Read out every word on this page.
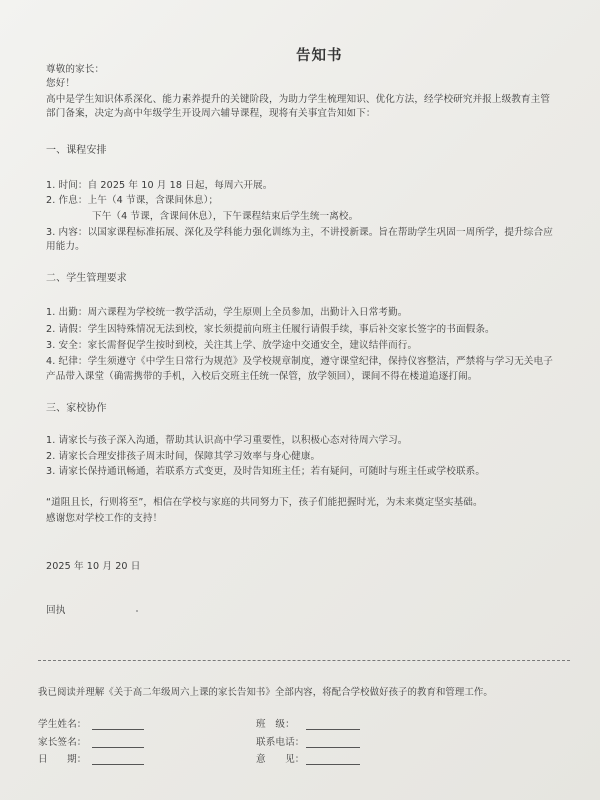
告知书
尊敬的家长：
您好！
高中是学生知识体系深化、能力素养提升的关键阶段，为助力学生梳理知识、优化方法，经学校研究并报上级教育主管
部门备案，决定为高中年级学生开设周六辅导课程，现将有关事宜告知如下：
一、课程安排
1. 时间：自 2025 年 10 月 18 日起，每周六开展。
2. 作息：上午（4 节课，含课间休息）；
下午（4 节课，含课间休息），下午课程结束后学生统一离校。
3. 内容：以国家课程标准拓展、深化及学科能力强化训练为主，不讲授新课。旨在帮助学生巩固一周所学，提升综合应
用能力。
二、学生管理要求
1. 出勤：周六课程为学校统一教学活动，学生原则上全员参加，出勤计入日常考勤。
2. 请假：学生因特殊情况无法到校，家长须提前向班主任履行请假手续，事后补交家长签字的书面假条。
3. 安全：家长需督促学生按时到校，关注其上学、放学途中交通安全，建议结伴而行。
4. 纪律：学生须遵守《中学生日常行为规范》及学校规章制度，遵守课堂纪律，保持仪容整洁，严禁将与学习无关电子
产品带入课堂（确需携带的手机，入校后交班主任统一保管，放学领回），课间不得在楼道追逐打闹。
三、家校协作
1. 请家长与孩子深入沟通，帮助其认识高中学习重要性，以积极心态对待周六学习。
2. 请家长合理安排孩子周末时间，保障其学习效率与身心健康。
3. 请家长保持通讯畅通，若联系方式变更，及时告知班主任；若有疑问，可随时与班主任或学校联系。
“道阻且长，行则将至”，相信在学校与家庭的共同努力下，孩子们能把握时光，为未来奠定坚实基础。
感谢您对学校工作的支持！
2025 年 10 月 20 日
回执
我已阅读并理解《关于高二年级周六上课的家长告知书》全部内容，将配合学校做好孩子的教育和管理工作。
学生姓名：	班　级：
家长签名：	联系电话：
日　　期：	意　　见：
